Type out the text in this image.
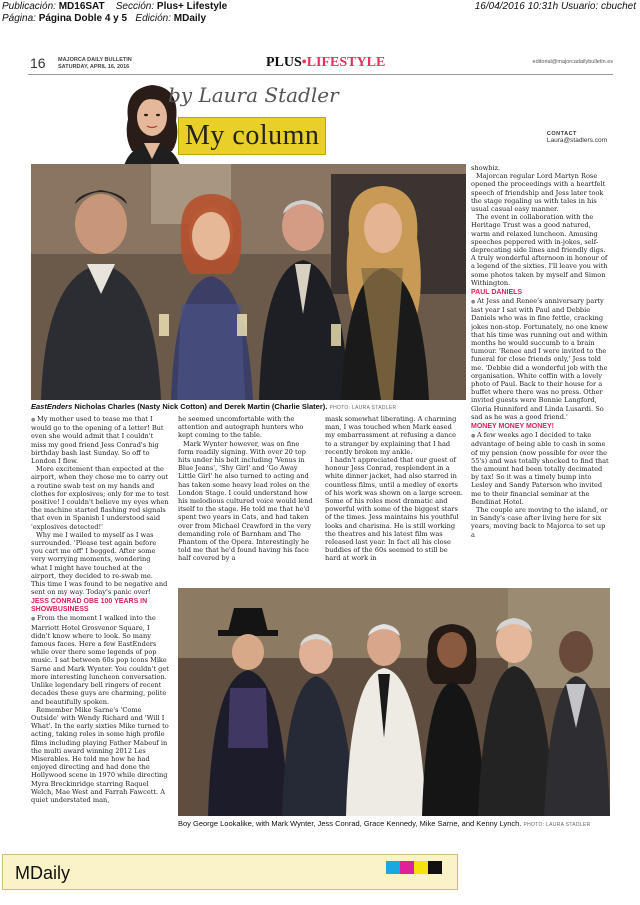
Publicación: MD16SAT Sección: Plus+ Lifestyle
Página: Página Doble 4 y 5 Edición: MDaily
16/04/2016 10:31h Usuario: cbuchet
16 MAJORCA DAILY BULLETIN
SATURDAY, APRIL 16, 2016	PLUS•LIFESTYLE	editorial@majorcadailybulletin.es
by Laura Stadler
My column	CONTACT
Laura@stadlers.com
EastEnders Nicholas Charles (Nasty Nick Cotton) and Derek Martin (Charlie Slater). PHOTO: LAURA STADLER

● My mother used to tease me that I would go to the opening of a letter! But even she would admit that I couldn't miss my good friend Jess Conrad's big birthday bash last Sunday. So off to London I flew.

More excitement than expected at the airport, when they chose me to carry out a routine swab test on my hands and clothes for explosives; only for me to test positive! I couldn't believe my eyes when the machine started flashing red signals that even in Spanish I understood said 'explosives detected!'

Why me I wailed to myself as I was surrounded. 'Please test again before you cart me off' I begged. After some very worrying moments, wondering what I might have touched at the airport, they decided to re-swab me. This time I was found to be negative and sent on my way. Today's panic over!

JESS CONRAD OBE 100 YEARS IN SHOWBUSINESS

● From the moment I walked into the Marriott Hotel Grosvenor Square, I didn't know where to look. So many famous faces. Here a few EastEnders while over there some legends of pop music. I sat between 60s pop icons Mike Sarne and Mark Wynter. You couldn't get more interesting luncheon conversation. Unlike legendary bell ringers of recent decades these guys are charming, polite and beautifully spoken.

Remember Mike Sarne's 'Come Outside' with Wendy Richard and 'Will I What'. In the early sixties Mike turned to acting, taking roles in some high profile films including playing Father Mabeuf in the multi award winning 2012 Les Miserables. He told me how he had enjoyed directing and had done the Hollywood scene in 1970 while directing Myra Breckinridge starring Raquel Welch, Mae West and Farrah Fawcett. A quiet understated man,

he seemed uncomfortable with the attention and autograph hunters who kept coming to the table.

Mark Wynter however, was on fine form readily signing. With over 20 top hits under his belt including 'Venus in Blue Jeans', 'Shy Girl' and 'Go Away Little Girl' he also turned to acting and has taken some heavy lead roles on the London Stage. I could understand how his melodious cultured voice would lend itself to the stage. He told me that he'd spent two years in Cats, and had taken over from Michael Crawford in the very demanding role of Barnham and The Phantom of the Opera. Interestingly he told me that he'd found having his face half covered by a

mask somewhat liberating. A charming man, I was touched when Mark eased my embarrassment at refusing a dance to a stranger by explaining that I had recently broken my ankle.

I hadn't appreciated that our guest of honour Jess Conrad, resplendent in a white dinner jacket, had also starred in countless films, until a medley of exerts of his work was shown on a large screen. Some of his roles most dramatic and powerful with some of the biggest stars of the times. Jess maintains his youthful looks and charisma. He is still working the theatres and his latest film was released last year. In fact all his close buddies of the 60s seemed to still be hard at work in

showbiz.

Majorcan regular Lord Martyn Rose opened the proceedings with a heartfelt speech of friendship and Jess later took the stage regaling us with tales in his usual casual easy manner.

The event in collaboration with the Heritage Trust was a good natured, warm and relaxed luncheon. Amusing speeches peppered with in-jokes, self-deprecating side lines and friendly digs. A truly wonderful afternoon in honour of a legend of the sixties. I'll leave you with some photos taken by myself and Simon Withington.

PAUL DANIELS

● At Jess and Renee's anniversary party last year I sat with Paul and Debbie Daniels who was in fine fettle, cracking jokes non-stop. Fortunately, no one knew that his time was running out and within months he would succumb to a brain tumour. 'Renee and I were invited to the funeral for close friends only,' Jess told me. 'Debbie did a wonderful job with the organisation. White coffin with a lovely photo of Paul. Back to their house for a buffet where there was no press. Other invited guests were Bonnie Langford, Gloria Hunniford and Linda Lusardi. So sad as he was a good friend.'

MONEY MONEY MONEY!

● A few weeks ago I decided to take advantage of being able to cash in some of my pension (now possible for over the 55's) and was totally shocked to find that the amount had been totally decimated by tax! So it was a timely bump into Lesley and Sandy Paterson who invited me to their financial seminar at the Bendinat Hotel.

The couple are moving to the island, or in Sandy's case after living here for six years, moving back to Majorca to set up a

Boy George Lookalike, with Mark Wynter, Jess Conrad, Grace Kennedy, Mike Sarne, and Kenny Lynch. PHOTO: LAURA STADLER
MDaily
